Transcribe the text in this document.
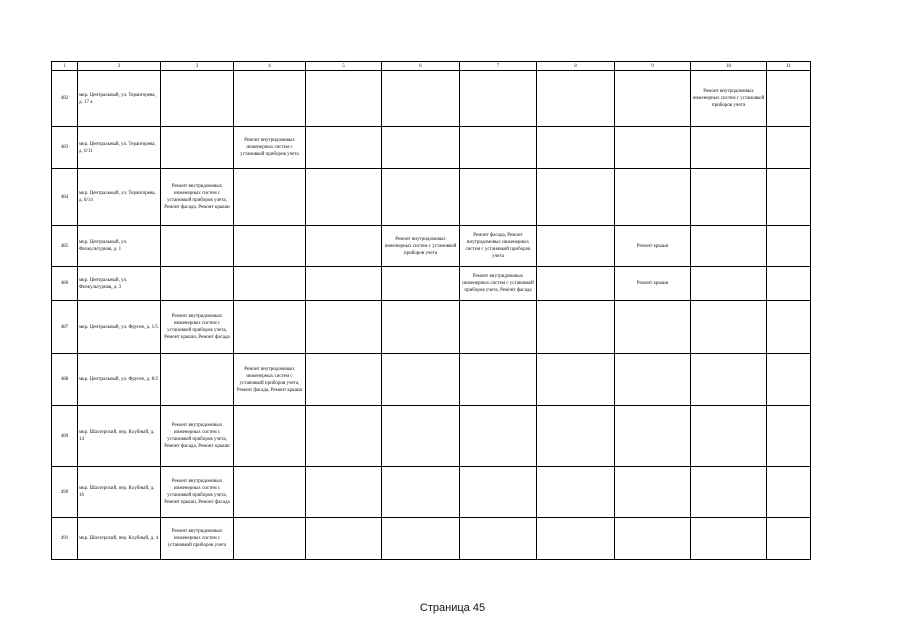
1	2	3	4	5	6	7	8	9	10	11
482	мкр. Центральный, ул. Терангорева, д. 17 а								Ремонт внутридомовых инженерных систем с установкой приборов учета	
483	мкр. Центральный, ул. Терангорева, д. 6/11		Ремонт внутридомовых инженерных систем с установкой приборов учета							
484	мкр. Центральный, ул. Терангорева, д. 8/14	Ремонт внутридомовых инженерных систем с установкой приборов учета, Ремонт фасада, Ремонт крыши								
485	мкр. Центральный, ул. Физкультурная, д. 1				Ремонт внутридомовых инженерных систем с установкой приборов учета	Ремонт фасада, Ремонт внутридомовых инженерных систем с установкой приборов учета		Ремонт крыши		
486	мкр. Центральный, ул. Физкультурная, д. 3					Ремонт внутридомовых инженерных систем с установкой приборов учета, Ремонт фасада		Ремонт крыши		
487	мкр. Центральный, ул. Фрунзе, д. 1/5	Ремонт внутридомовых инженерных систем с установкой приборов учета, Ремонт крыши, Ремонт фасада								
488	мкр. Центральный, ул. Фрунзе, д. 8/2		Ремонт внутридомовых инженерных систем с установкой приборов учета, Ремонт фасада, Ремонт крыши							
489	мкр. Шахтерский, пер. Клубный, д. 14	Ремонт внутридомовых инженерных систем с установкой приборов учета, Ремонт фасада, Ремонт крыши								
490	мкр. Шахтерский, пер. Клубный, д. 16	Ремонт внутридомовых инженерных систем с установкой приборов учета, Ремонт крыши, Ремонт фасада								
491	мкр. Шахтерский, пер. Клубный, д. 4	Ремонт внутридомовых инженерных систем с установкой приборов учета								
Страница 45
